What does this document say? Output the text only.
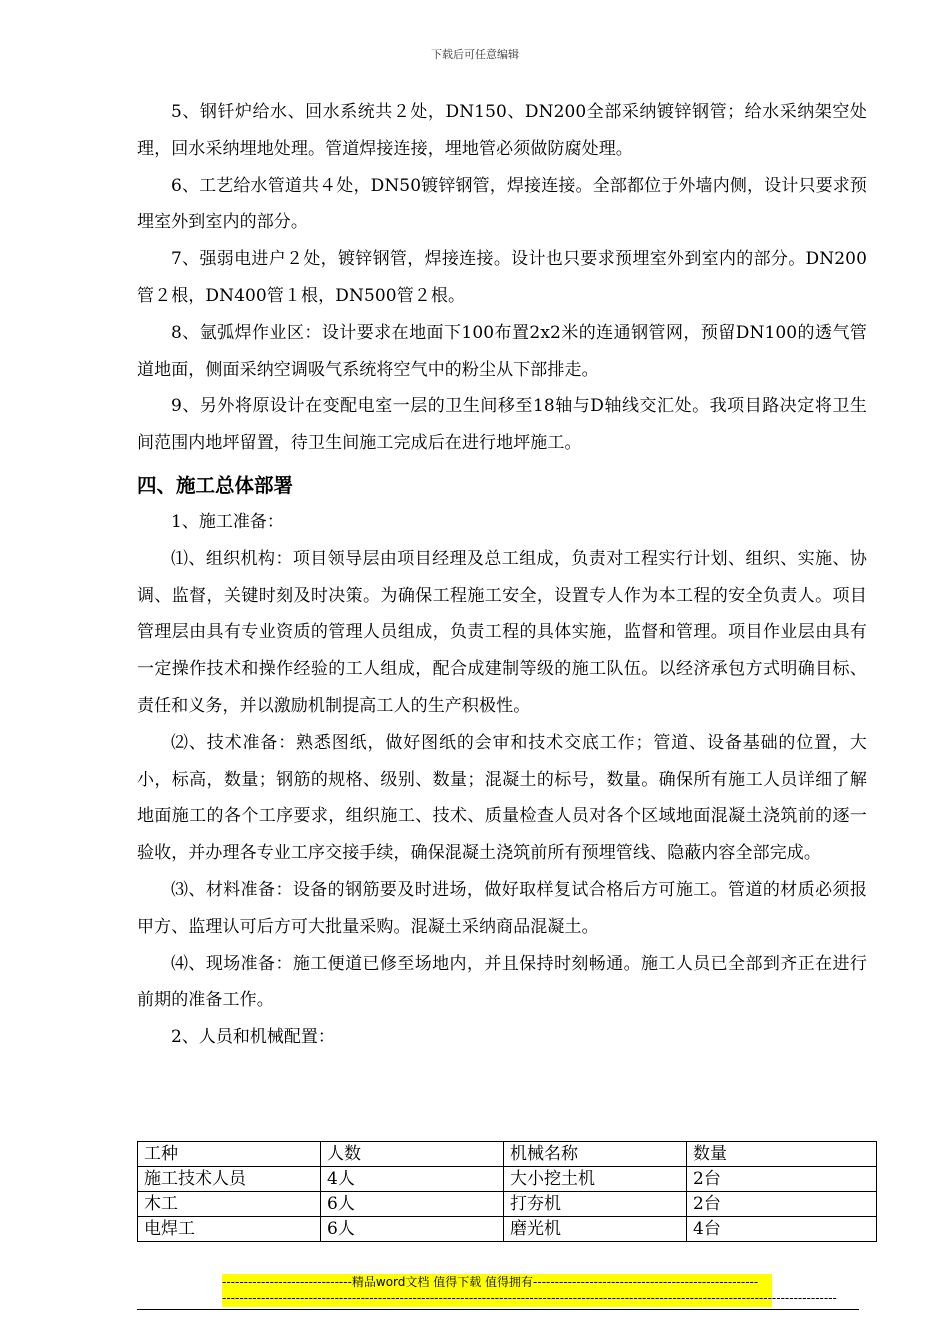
下载后可任意编辑

5、钢钎炉给水、回水系统共２处，DN150、DN200全部采纳镀锌钢管；给水采纳架空处理，回水采纳埋地处理。管道焊接连接，埋地管必须做防腐处理。

6、工艺给水管道共４处，DN50镀锌钢管，焊接连接。全部都位于外墙内侧，设计只要求预埋室外到室内的部分。

7、强弱电进户２处，镀锌钢管，焊接连接。设计也只要求预埋室外到室内的部分。DN200管２根，DN400管１根，DN500管２根。

8、氩弧焊作业区：设计要求在地面下100布置2x2米的连通钢管网，预留DN100的透气管道地面，侧面采纳空调吸气系统将空气中的粉尘从下部排走。

9、另外将原设计在变配电室一层的卫生间移至18轴与D轴线交汇处。我项目路决定将卫生间范围内地坪留置，待卫生间施工完成后在进行地坪施工。

四、施工总体部署

1、施工准备：

⑴、组织机构：项目领导层由项目经理及总工组成，负责对工程实行计划、组织、实施、协调、监督，关键时刻及时决策。为确保工程施工安全，设置专人作为本工程的安全负责人。项目管理层由具有专业资质的管理人员组成，负责工程的具体实施，监督和管理。项目作业层由具有一定操作技术和操作经验的工人组成，配合成建制等级的施工队伍。以经济承包方式明确目标、责任和义务，并以激励机制提高工人的生产积极性。

⑵、技术准备：熟悉图纸，做好图纸的会审和技术交底工作；管道、设备基础的位置，大小，标高，数量；钢筋的规格、级别、数量；混凝土的标号，数量。确保所有施工人员详细了解地面施工的各个工序要求，组织施工、技术、质量检查人员对各个区域地面混凝土浇筑前的逐一验收，并办理各专业工序交接手续，确保混凝土浇筑前所有预埋管线、隐蔽内容全部完成。

⑶、材料准备：设备的钢筋要及时进场，做好取样复试合格后方可施工。管道的材质必须报甲方、监理认可后方可大批量采购。混凝土采纳商品混凝土。

⑷、现场准备：施工便道已修至场地内，并且保持时刻畅通。施工人员已全部到齐正在进行前期的准备工作。

2、人员和机械配置：

工种	人数	机械名称	数量
施工技术人员	4人	大小挖土机	2台
木工	6人	打夯机	2台
电焊工	6人	磨光机	4台
------------------------------精品word文档 值得下载 值得拥有----------------------------------------------------
----------------------------------------------------------------------------------------------------------------------------------------------
